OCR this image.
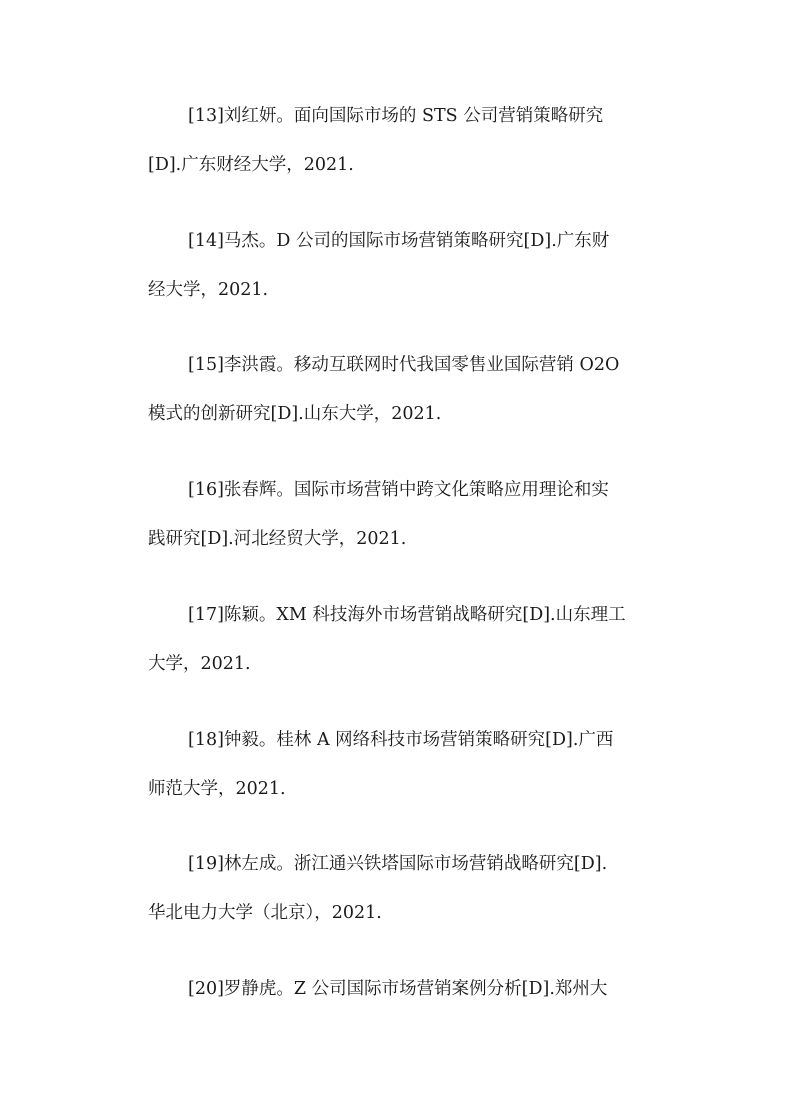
[13]刘红妍。面向国际市场的 STS 公司营销策略研究
[D].广东财经大学，2021.

[14]马杰。D 公司的国际市场营销策略研究[D].广东财
经大学，2021.

[15]李洪霞。移动互联网时代我国零售业国际营销 O2O
模式的创新研究[D].山东大学，2021.

[16]张春辉。国际市场营销中跨文化策略应用理论和实
践研究[D].河北经贸大学，2021.

[17]陈颖。XM 科技海外市场营销战略研究[D].山东理工
大学，2021.

[18]钟毅。桂林 A 网络科技市场营销策略研究[D].广西
师范大学，2021.

[19]林左成。浙江通兴铁塔国际市场营销战略研究[D].
华北电力大学（北京），2021.

[20]罗静虎。Z 公司国际市场营销案例分析[D].郑州大
